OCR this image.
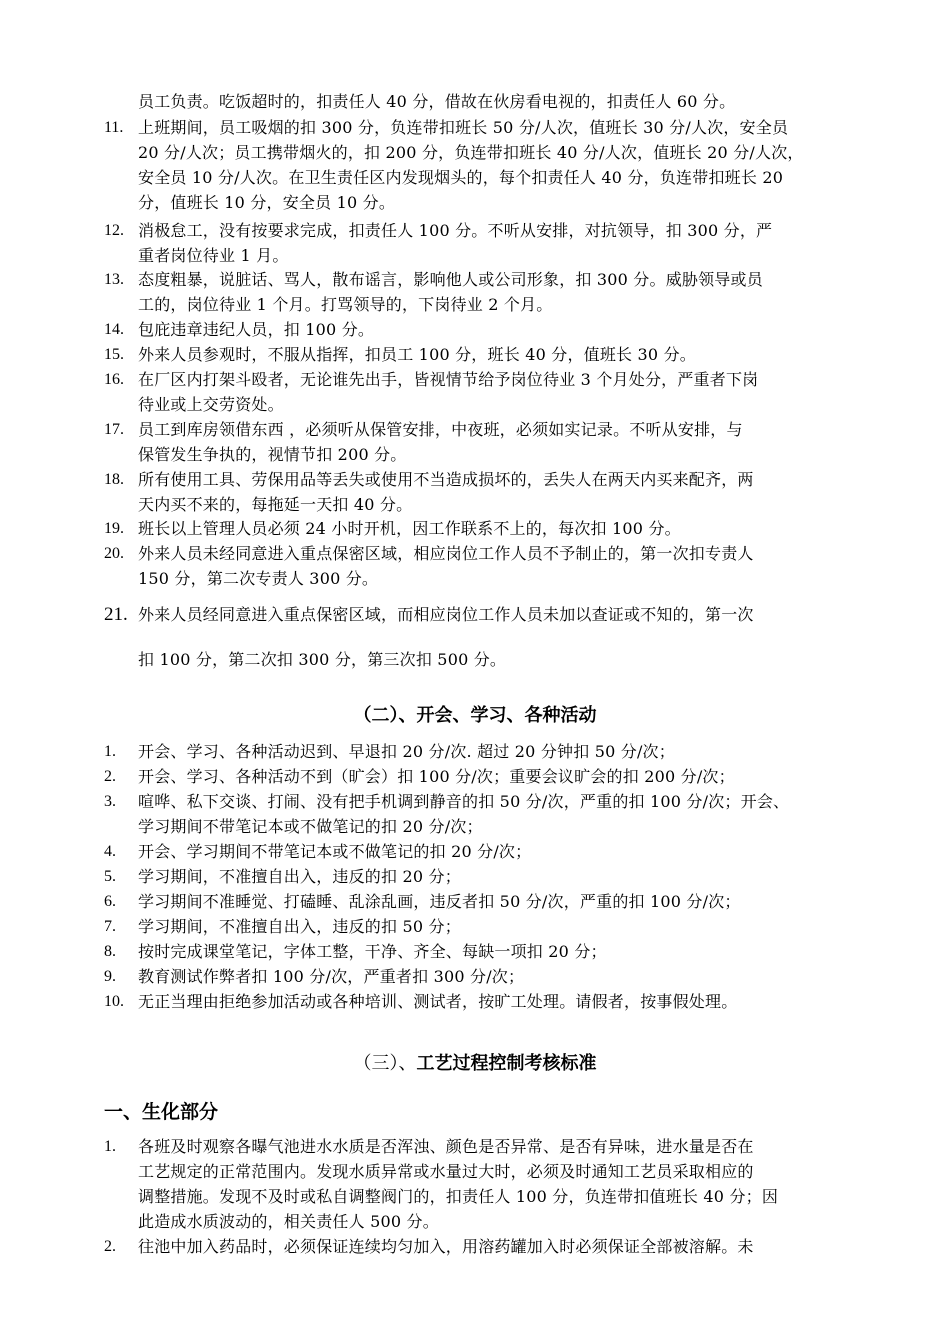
员工负责。吃饭超时的，扣责任人 40 分，借故在伙房看电视的，扣责任人 60 分。
11. 上班期间，员工吸烟的扣 300 分，负连带扣班长 50 分/人次，值班长 30 分/人次，安全员
20 分/人次；员工携带烟火的，扣 200 分，负连带扣班长 40 分/人次，值班长 20 分/人次，
安全员 10 分/人次。在卫生责任区内发现烟头的，每个扣责任人 40 分，负连带扣班长 20
分，值班长 10 分，安全员 10 分。
12. 消极怠工，没有按要求完成，扣责任人 100 分。不听从安排，对抗领导，扣 300 分，严
重者岗位待业 1 月。
13. 态度粗暴，说脏话、骂人，散布谣言，影响他人或公司形象，扣 300 分。威胁领导或员
工的，岗位待业 1 个月。打骂领导的，下岗待业 2 个月。
14. 包庇违章违纪人员，扣 100 分。
15. 外来人员参观时，不服从指挥，扣员工 100 分，班长 40 分，值班长 30 分。
16. 在厂区内打架斗殴者，无论谁先出手，皆视情节给予岗位待业 3 个月处分，严重者下岗
待业或上交劳资处。
17. 员工到库房领借东西 ，必须听从保管安排，中夜班，必须如实记录。不听从安排，与
保管发生争执的，视情节扣 200 分。
18. 所有使用工具、劳保用品等丢失或使用不当造成损坏的，丢失人在两天内买来配齐，两
天内买不来的，每拖延一天扣 40 分。
19. 班长以上管理人员必须 24 小时开机，因工作联系不上的，每次扣 100 分。
20. 外来人员未经同意进入重点保密区域，相应岗位工作人员不予制止的，第一次扣专责人
150 分，第二次专责人 300 分。
21. 外来人员经同意进入重点保密区域，而相应岗位工作人员未加以查证或不知的，第一次
扣 100 分，第二次扣 300 分，第三次扣 500 分。
（二）、开会、学习、各种活动
1.	开会、学习、各种活动迟到、早退扣 20 分/次. 超过 20 分钟扣 50 分/次；
2.	开会、学习、各种活动不到（旷会）扣 100 分/次；重要会议旷会的扣 200 分/次；
3.	喧哗、私下交谈、打闹、没有把手机调到静音的扣 50 分/次，严重的扣 100 分/次；开会、
学习期间不带笔记本或不做笔记的扣 20 分/次；
4.	开会、学习期间不带笔记本或不做笔记的扣 20 分/次；
5.	学习期间，不准擅自出入，违反的扣 20 分；
6.	学习期间不准睡觉、打磕睡、乱涂乱画，违反者扣 50 分/次，严重的扣 100 分/次；
7.	学习期间，不准擅自出入，违反的扣 50 分；
8.	按时完成课堂笔记，字体工整，干净、齐全、每缺一项扣 20 分；
9.	教育测试作弊者扣 100 分/次，严重者扣 300 分/次；
10. 无正当理由拒绝参加活动或各种培训、测试者，按旷工处理。请假者，按事假处理。
（三）、工艺过程控制考核标准
一、生化部分
1.	各班及时观察各曝气池进水水质是否浑浊、颜色是否异常、是否有异味，进水量是否在
工艺规定的正常范围内。发现水质异常或水量过大时，必须及时通知工艺员采取相应的
调整措施。发现不及时或私自调整阀门的，扣责任人 100 分，负连带扣值班长 40 分；因
此造成水质波动的，相关责任人 500 分。
2.	往池中加入药品时，必须保证连续均匀加入，用溶药罐加入时必须保证全部被溶解。未
